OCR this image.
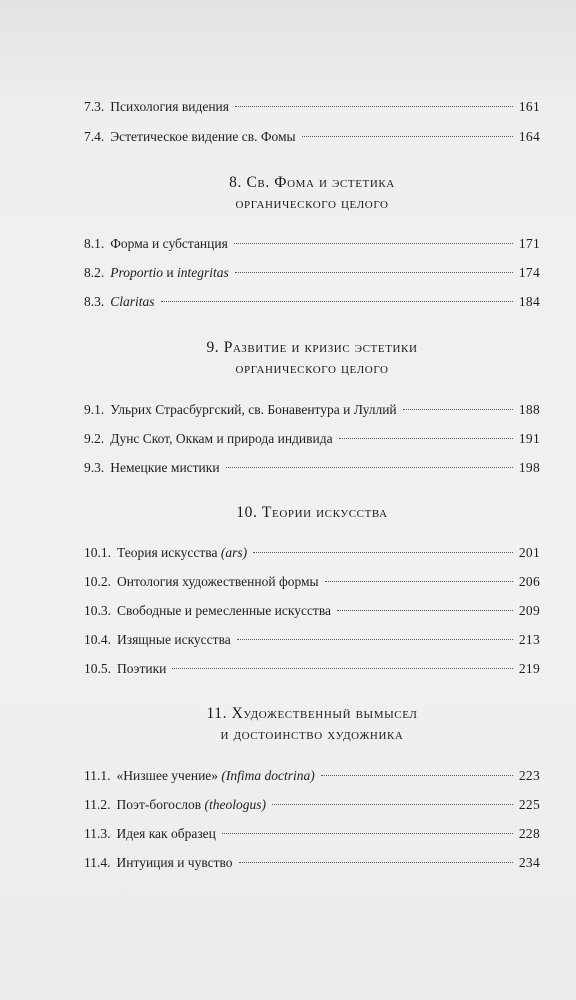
7.3. Психология видения	161
7.4. Эстетическое видение св. Фомы	164
8. Св. Фома и эстетика
органического целого
8.1. Форма и субстанция	171
8.2. Proportio и integritas	174
8.3. Claritas	184
9. Развитие и кризис эстетики
органического целого
9.1. Ульрих Страсбургский, св. Бонавентура и Луллий	188
9.2. Дунс Скот, Оккам и природа индивида	191
9.3. Немецкие мистики	198
10. Теории искусства
10.1. Теория искусства (ars)	201
10.2. Онтология художественной формы	206
10.3. Свободные и ремесленные искусства	209
10.4. Изящные искусства	213
10.5. Поэтики	219
11. Художественный вымысел
и достоинство художника
11.1. «Низшее учение» (Infima doctrina)	223
11.2. Поэт-богослов (theologus)	225
11.3. Идея как образец	228
11.4. Интуиция и чувство	234
